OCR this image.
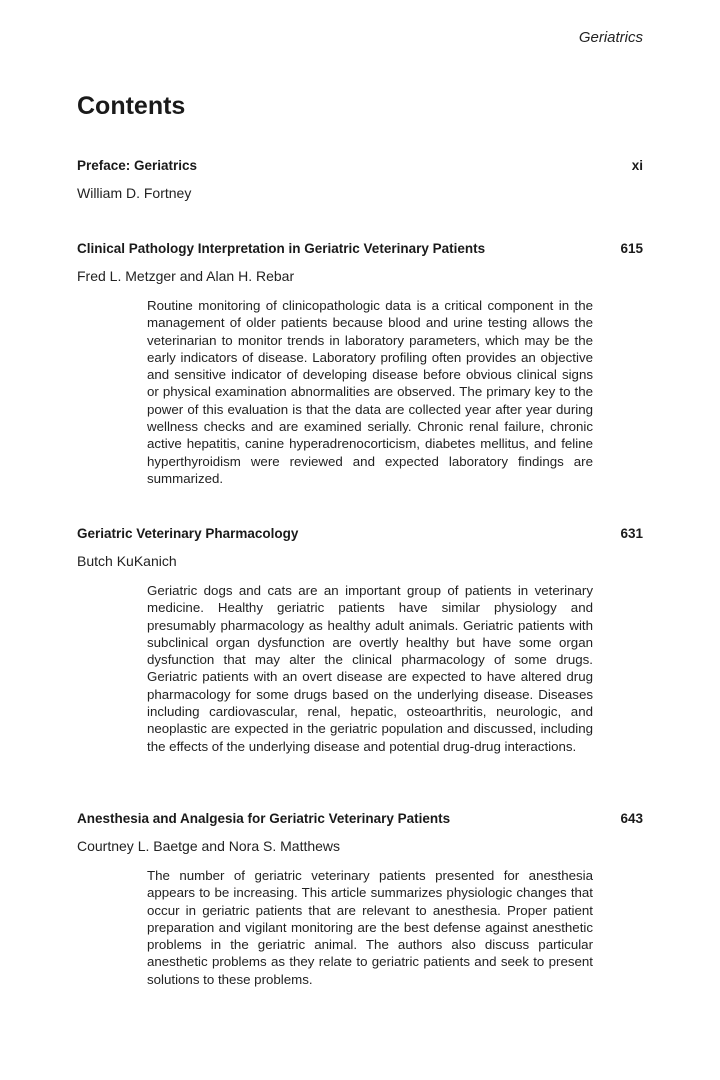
Geriatrics
Contents
Preface: Geriatrics	xi
William D. Fortney
Clinical Pathology Interpretation in Geriatric Veterinary Patients	615
Fred L. Metzger and Alan H. Rebar
Routine monitoring of clinicopathologic data is a critical component in the management of older patients because blood and urine testing allows the veterinarian to monitor trends in laboratory parameters, which may be the early indicators of disease. Laboratory profiling often provides an objective and sensitive indicator of developing disease before obvious clinical signs or physical examination abnormalities are observed. The primary key to the power of this evaluation is that the data are collected year after year during wellness checks and are examined serially. Chronic renal failure, chronic active hepatitis, canine hyperadrenocorticism, diabetes mellitus, and feline hyperthyroidism were reviewed and expected laboratory findings are summarized.
Geriatric Veterinary Pharmacology	631
Butch KuKanich
Geriatric dogs and cats are an important group of patients in veterinary medicine. Healthy geriatric patients have similar physiology and presumably pharmacology as healthy adult animals. Geriatric patients with subclinical organ dysfunction are overtly healthy but have some organ dysfunction that may alter the clinical pharmacology of some drugs. Geriatric patients with an overt disease are expected to have altered drug pharmacology for some drugs based on the underlying disease. Diseases including cardiovascular, renal, hepatic, osteoarthritis, neurologic, and neoplastic are expected in the geriatric population and discussed, including the effects of the underlying disease and potential drug-drug interactions.
Anesthesia and Analgesia for Geriatric Veterinary Patients	643
Courtney L. Baetge and Nora S. Matthews
The number of geriatric veterinary patients presented for anesthesia appears to be increasing. This article summarizes physiologic changes that occur in geriatric patients that are relevant to anesthesia. Proper patient preparation and vigilant monitoring are the best defense against anesthetic problems in the geriatric animal. The authors also discuss particular anesthetic problems as they relate to geriatric patients and seek to present solutions to these problems.
